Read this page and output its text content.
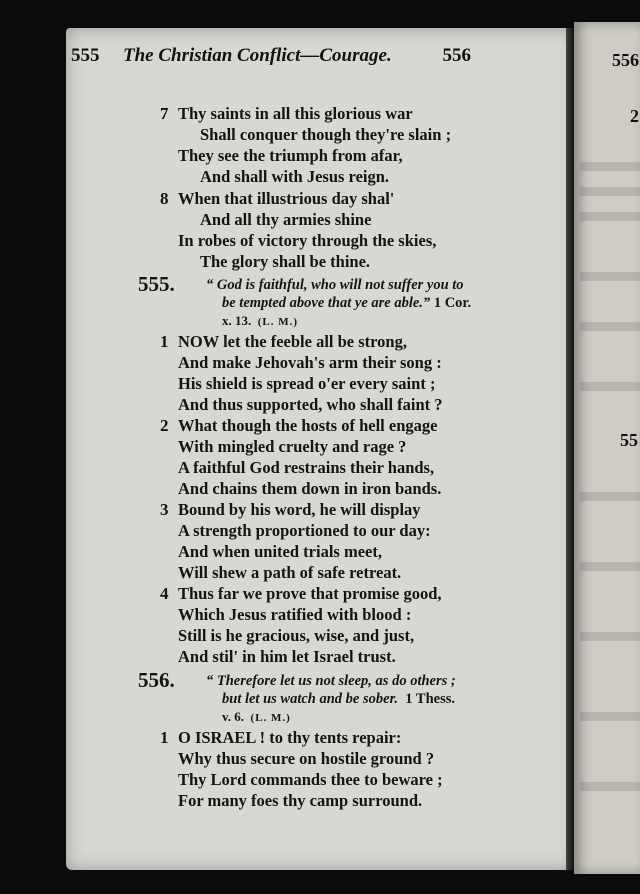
556
2
55
555 The Christian Conflict—Courage.	556
7 Thy saints in all this glorious war
Shall conquer though they're slain ;
They see the triumph from afar,
And shall with Jesus reign.
8 When that illustrious day shal'
And all thy armies shine
In robes of victory through the skies,
The glory shall be thine.
555. “ God is faithful, who will not suffer you to
be tempted above that ye are able.” 1 Cor.
x. 13. (L. M.)
1 NOW let the feeble all be strong,
And make Jehovah's arm their song :
His shield is spread o'er every saint ;
And thus supported, who shall faint ?
2 What though the hosts of hell engage
With mingled cruelty and rage ?
A faithful God restrains their hands,
And chains them down in iron bands.
3 Bound by his word, he will display
A strength proportioned to our day:
And when united trials meet,
Will shew a path of safe retreat.
4 Thus far we prove that promise good,
Which Jesus ratified with blood :
Still is he gracious, wise, and just,
And stil' in him let Israel trust.
556. “ Therefore let us not sleep, as do others ;
but let us watch and be sober. 1 Thess.
v. 6. (L. M.)
1 O ISRAEL ! to thy tents repair:
Why thus secure on hostile ground ?
Thy Lord commands thee to beware ;
For many foes thy camp surround.
